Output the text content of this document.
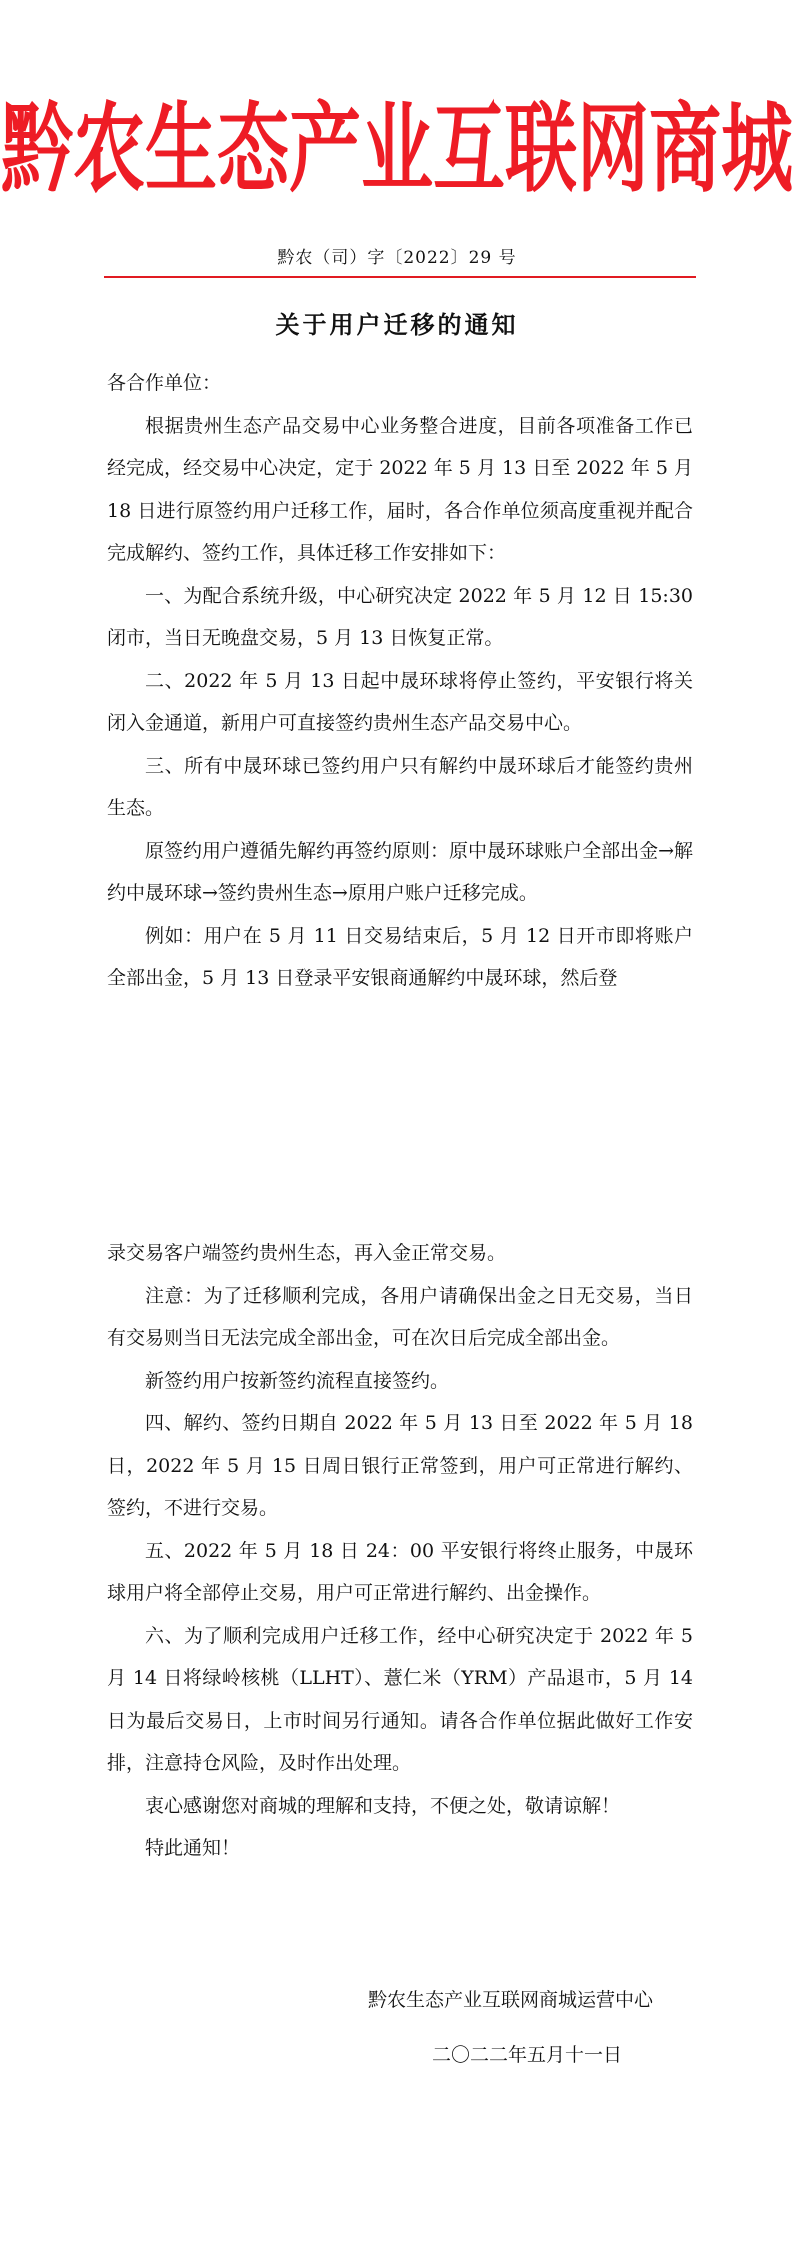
黔农生态产业互联网商城
黔农（司）字〔2022〕29 号
关于用户迁移的通知

各合作单位：

根据贵州生态产品交易中心业务整合进度，目前各项准备工作已经完成，经交易中心决定，定于 2022 年 5 月 13 日至 2022 年 5 月 18 日进行原签约用户迁移工作，届时，各合作单位须高度重视并配合完成解约、签约工作，具体迁移工作安排如下：

一、为配合系统升级，中心研究决定 2022 年 5 月 12 日 15:30 闭市，当日无晚盘交易，5 月 13 日恢复正常。

二、2022 年 5 月 13 日起中晟环球将停止签约，平安银行将关闭入金通道，新用户可直接签约贵州生态产品交易中心。

三、所有中晟环球已签约用户只有解约中晟环球后才能签约贵州生态。

原签约用户遵循先解约再签约原则：原中晟环球账户全部出金→解约中晟环球→签约贵州生态→原用户账户迁移完成。

例如：用户在 5 月 11 日交易结束后，5 月 12 日开市即将账户全部出金，5 月 13 日登录平安银商通解约中晟环球，然后登

录交易客户端签约贵州生态，再入金正常交易。

注意：为了迁移顺利完成，各用户请确保出金之日无交易，当日有交易则当日无法完成全部出金，可在次日后完成全部出金。

新签约用户按新签约流程直接签约。

四、解约、签约日期自 2022 年 5 月 13 日至 2022 年 5 月 18 日，2022 年 5 月 15 日周日银行正常签到，用户可正常进行解约、签约，不进行交易。

五、2022 年 5 月 18 日 24：00 平安银行将终止服务，中晟环球用户将全部停止交易，用户可正常进行解约、出金操作。

六、为了顺利完成用户迁移工作，经中心研究决定于 2022 年 5 月 14 日将绿岭核桃（LLHT）、薏仁米（YRM）产品退市，5 月 14 日为最后交易日，上市时间另行通知。请各合作单位据此做好工作安排，注意持仓风险，及时作出处理。

衷心感谢您对商城的理解和支持，不便之处，敬请谅解！

特此通知！

黔农生态产业互联网商城运营中心
二〇二二年五月十一日
